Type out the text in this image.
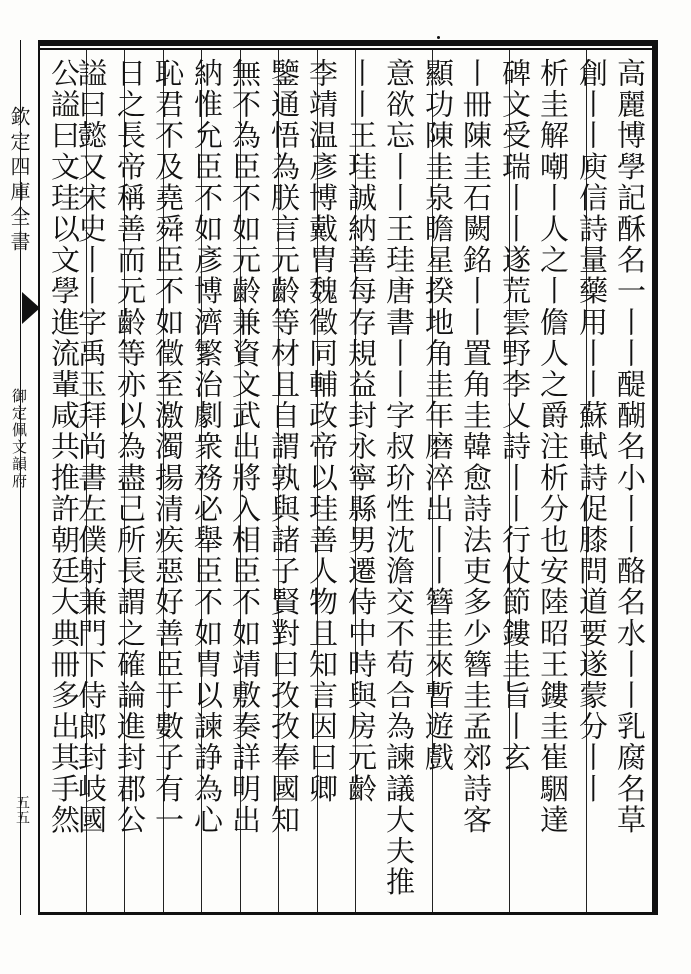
欽定四庫全書
御定佩文韻府
五五	高麗博學記酥名一丨丨醍醐名小丨丨酪名水丨丨乳腐名草
創丨丨庾信詩量藥用丨丨蘇軾詩促膝問道要遂蒙分丨丨
析圭解嘲丨人之丨儋人之爵注析分也安陸昭王鏤圭崔駰達
碑文受瑞丨丨遂荒雲野李乂詩丨丨行仗節鏤圭旨丨玄
丨冊陳圭石闕銘丨丨置角圭韓愈詩法吏多少簪圭孟郊詩客
顯功陳圭泉瞻星揆地角圭年磨淬出丨丨簪圭來暫遊戲
意欲忘丨丨王珪唐書丨丨字叔玠性沈澹交不苟合為諫議大夫推
丨丨王珪誠納善每存規益封永寧縣男遷侍中時與房元齡
李靖温彥博戴胄魏徵同輔政帝以珪善人物且知言因曰卿
鑒通悟為朕言元齡等材且自謂孰與諸子賢對曰孜孜奉國知
無不為臣不如元齡兼資文武出將入相臣不如靖敷奏詳明出
納惟允臣不如彥博濟繁治劇衆務必舉臣不如胄以諫諍為心
恥君不及堯舜臣不如徵至激濁揚清疾惡好善臣于數子有一
日之長帝稱善而元齡等亦以為盡己所長謂之確論進封郡公
謚曰懿又宋史丨丨字禹玉拜尚書左僕射兼門下侍郎封岐國
公謚曰文珪以文學進流輩咸共推許朝廷大典冊多出其手然
